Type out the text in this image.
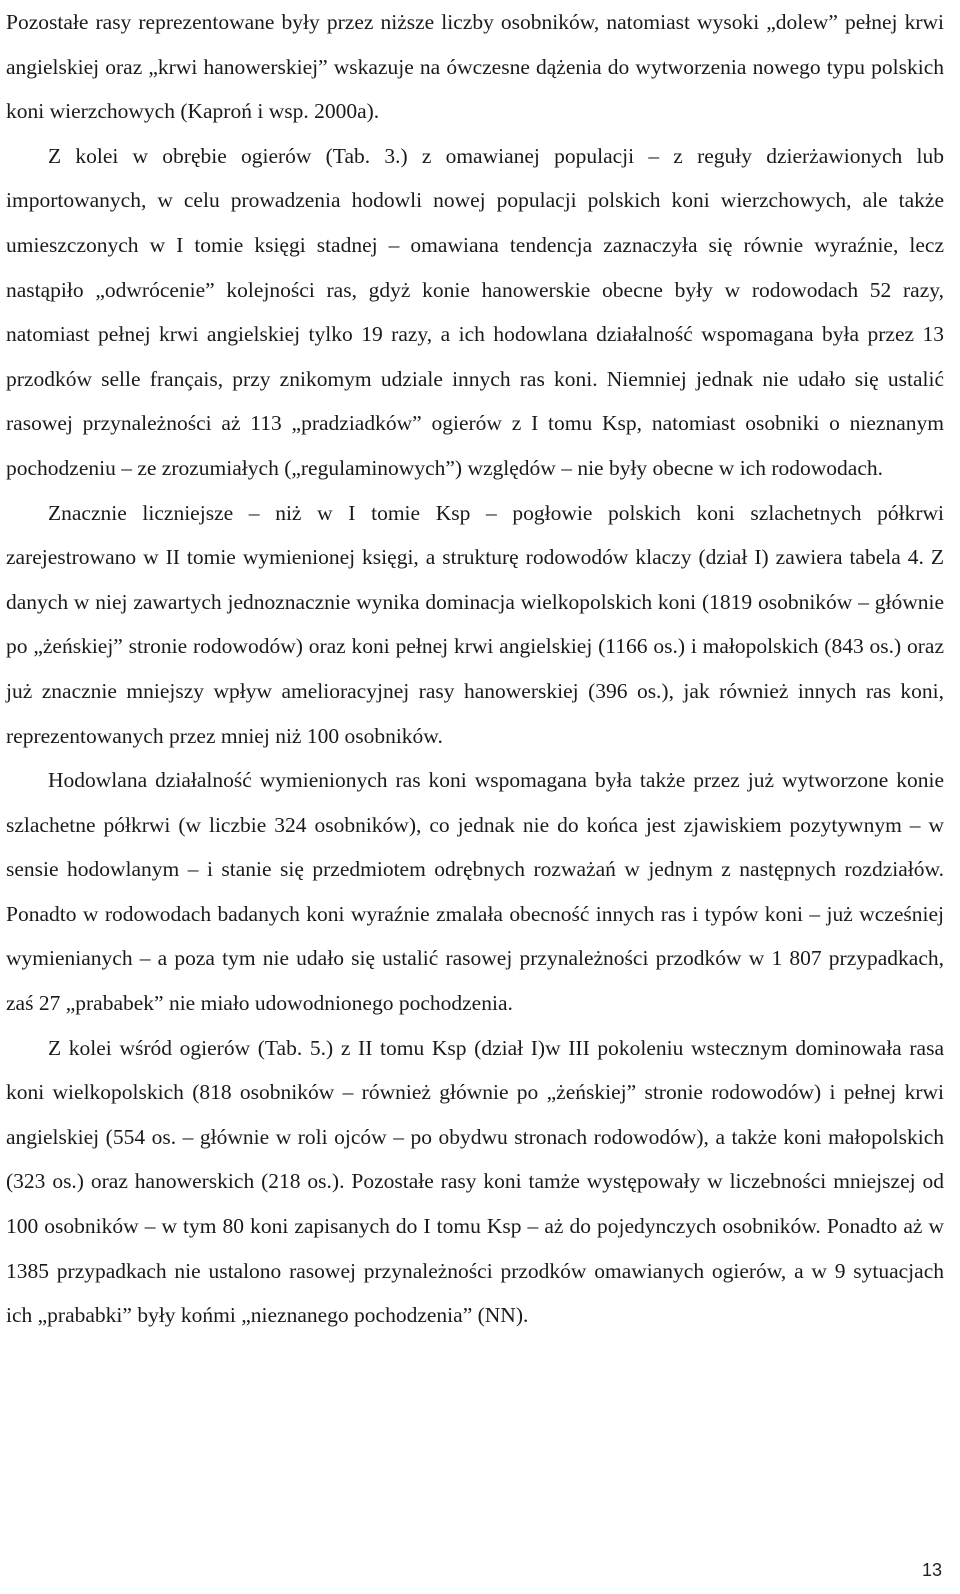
Pozostałe rasy reprezentowane były przez niższe liczby osobników, natomiast wysoki „dolew” pełnej krwi angielskiej oraz „krwi hanowerskiej” wskazuje na ówczesne dążenia do wytworzenia nowego typu polskich koni wierzchowych (Kaproń i wsp. 2000a).

Z kolei w obrębie ogierów (Tab. 3.) z omawianej populacji – z reguły dzierżawionych lub importowanych, w celu prowadzenia hodowli nowej populacji polskich koni wierzchowych, ale także umieszczonych w I tomie księgi stadnej – omawiana tendencja zaznaczyła się równie wyraźnie, lecz nastąpiło „odwrócenie” kolejności ras, gdyż konie hanowerskie obecne były w rodowodach 52 razy, natomiast pełnej krwi angielskiej tylko 19 razy, a ich hodowlana działalność wspomagana była przez 13 przodków selle français, przy znikomym udziale innych ras koni. Niemniej jednak nie udało się ustalić rasowej przynależności aż 113 „pradziadków” ogierów z I tomu Ksp, natomiast osobniki o nieznanym pochodzeniu – ze zrozumiałych („regulaminowych”) względów – nie były obecne w ich rodowodach.

Znacznie liczniejsze – niż w I tomie Ksp – pogłowie polskich koni szlachetnych półkrwi zarejestrowano w II tomie wymienionej księgi, a strukturę rodowodów klaczy (dział I) zawiera tabela 4. Z danych w niej zawartych jednoznacznie wynika dominacja wielkopolskich koni (1819 osobników – głównie po „żeńskiej” stronie rodowodów) oraz koni pełnej krwi angielskiej (1166 os.) i małopolskich (843 os.) oraz już znacznie mniejszy wpływ amelioracyjnej rasy hanowerskiej (396 os.), jak również innych ras koni, reprezentowanych przez mniej niż 100 osobników.

Hodowlana działalność wymienionych ras koni wspomagana była także przez już wytworzone konie szlachetne półkrwi (w liczbie 324 osobników), co jednak nie do końca jest zjawiskiem pozytywnym – w sensie hodowlanym – i stanie się przedmiotem odrębnych rozważań w jednym z następnych rozdziałów. Ponadto w rodowodach badanych koni wyraźnie zmalała obecność innych ras i typów koni – już wcześniej wymienianych – a poza tym nie udało się ustalić rasowej przynależności przodków w 1 807 przypadkach, zaś 27 „prababek” nie miało udowodnionego pochodzenia.

Z kolei wśród ogierów (Tab. 5.) z II tomu Ksp (dział I)w III pokoleniu wstecznym dominowała rasa koni wielkopolskich (818 osobników – również głównie po „żeńskiej” stronie rodowodów) i pełnej krwi angielskiej (554 os. – głównie w roli ojców – po obydwu stronach rodowodów), a także koni małopolskich (323 os.) oraz hanowerskich (218 os.). Pozostałe rasy koni tamże występowały w liczebności mniejszej od 100 osobników – w tym 80 koni zapisanych do I tomu Ksp – aż do pojedynczych osobników. Ponadto aż w 1385 przypadkach nie ustalono rasowej przynależności przodków omawianych ogierów, a w 9 sytuacjach ich „prababki” były końmi „nieznanego pochodzenia” (NN).

13
